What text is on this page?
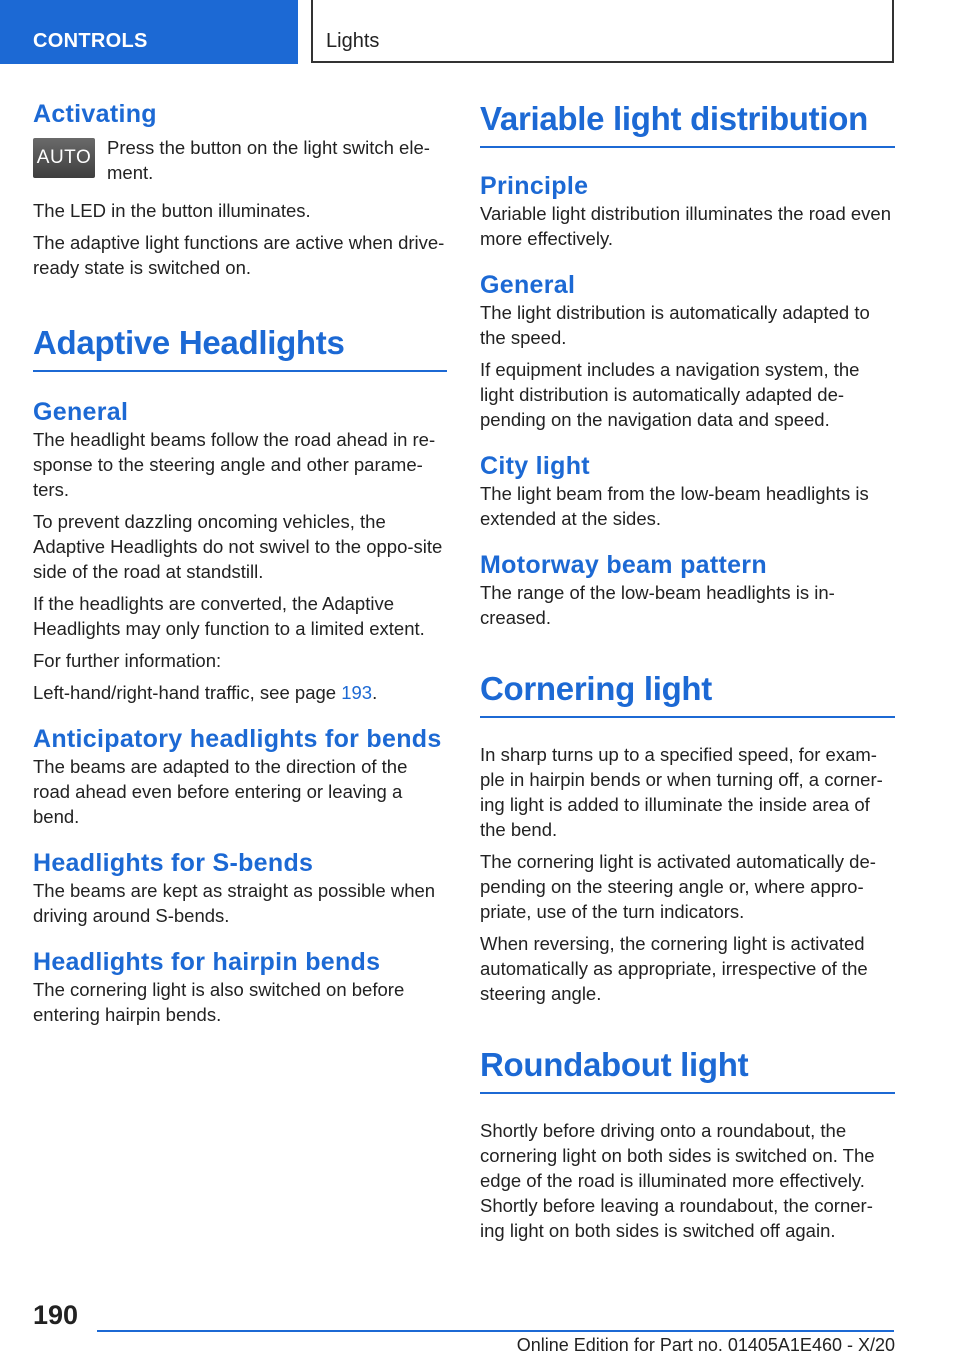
CONTROLS	Lights
Activating
AUTO Press the button on the light switch ele-ment.

The LED in the button illuminates.

The adaptive light functions are active when drive-ready state is switched on.

Adaptive Headlights
General

The headlight beams follow the road ahead in re-sponse to the steering angle and other parame-ters.

To prevent dazzling oncoming vehicles, the Adaptive Headlights do not swivel to the oppo-site side of the road at standstill.

If the headlights are converted, the Adaptive Headlights may only function to a limited extent.

For further information:

Left-hand/right-hand traffic, see page 193.

Anticipatory headlights for bends

The beams are adapted to the direction of the road ahead even before entering or leaving a bend.

Headlights for S-bends

The beams are kept as straight as possible when driving around S-bends.

Headlights for hairpin bends

The cornering light is also switched on before entering hairpin bends.

Variable light distribution
Principle

Variable light distribution illuminates the road even more effectively.

General

The light distribution is automatically adapted to the speed.

If equipment includes a navigation system, the light distribution is automatically adapted de-pending on the navigation data and speed.

City light

The light beam from the low-beam headlights is extended at the sides.

Motorway beam pattern

The range of the low-beam headlights is in-creased.

Cornering light

In sharp turns up to a specified speed, for exam-ple in hairpin bends or when turning off, a corner-ing light is added to illuminate the inside area of the bend.

The cornering light is activated automatically de-pending on the steering angle or, where appro-priate, use of the turn indicators.

When reversing, the cornering light is activated automatically as appropriate, irrespective of the steering angle.

Roundabout light

Shortly before driving onto a roundabout, the cornering light on both sides is switched on. The edge of the road is illuminated more effectively.

Shortly before leaving a roundabout, the corner-ing light on both sides is switched off again.

190
Online Edition for Part no. 01405A1E460 - X/20
